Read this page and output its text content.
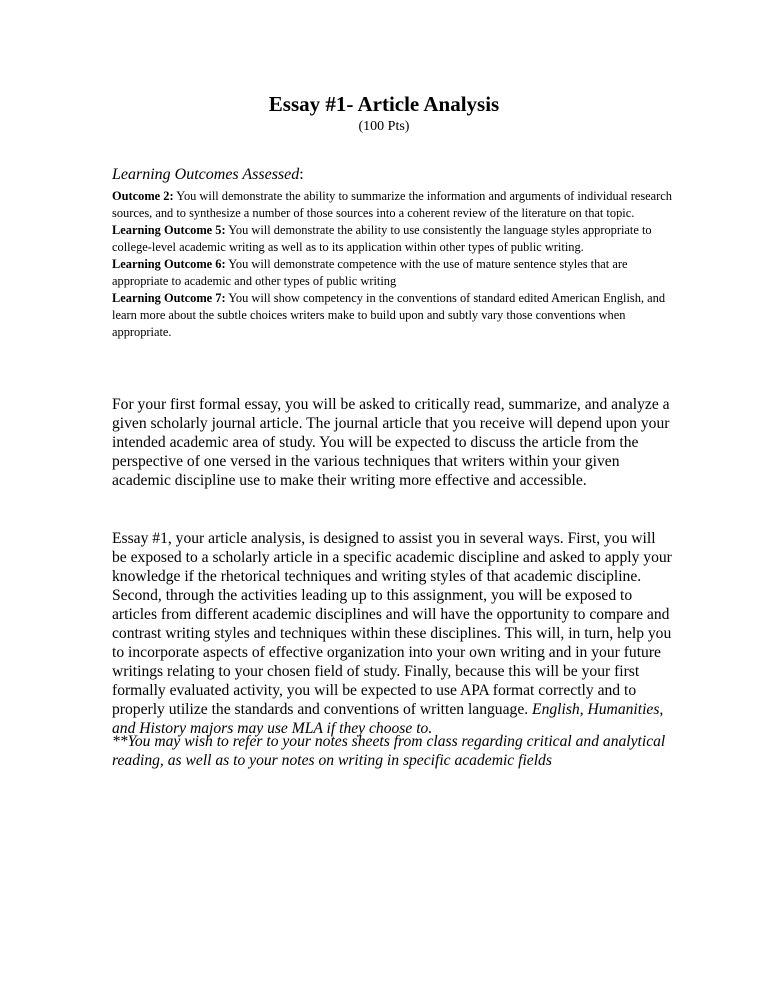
Essay #1- Article Analysis
(100 Pts)
Learning Outcomes Assessed:

Outcome 2: You will demonstrate the ability to summarize the information and arguments of individual research sources, and to synthesize a number of those sources into a coherent review of the literature on that topic.

Learning Outcome 5: You will demonstrate the ability to use consistently the language styles appropriate to college-level academic writing as well as to its application within other types of public writing.

Learning Outcome 6: You will demonstrate competence with the use of mature sentence styles that are appropriate to academic and other types of public writing

Learning Outcome 7: You will show competency in the conventions of standard edited American English, and learn more about the subtle choices writers make to build upon and subtly vary those conventions when appropriate.

For your first formal essay, you will be asked to critically read, summarize, and analyze a given scholarly journal article. The journal article that you receive will depend upon your intended academic area of study. You will be expected to discuss the article from the perspective of one versed in the various techniques that writers within your given academic discipline use to make their writing more effective and accessible.

Essay #1, your article analysis, is designed to assist you in several ways. First, you will be exposed to a scholarly article in a specific academic discipline and asked to apply your knowledge if the rhetorical techniques and writing styles of that academic discipline. Second, through the activities leading up to this assignment, you will be exposed to articles from different academic disciplines and will have the opportunity to compare and contrast writing styles and techniques within these disciplines. This will, in turn, help you to incorporate aspects of effective organization into your own writing and in your future writings relating to your chosen field of study. Finally, because this will be your first formally evaluated activity, you will be expected to use APA format correctly and to properly utilize the standards and conventions of written language. English, Humanities, and History majors may use MLA if they choose to.

**You may wish to refer to your notes sheets from class regarding critical and analytical reading, as well as to your notes on writing in specific academic fields
